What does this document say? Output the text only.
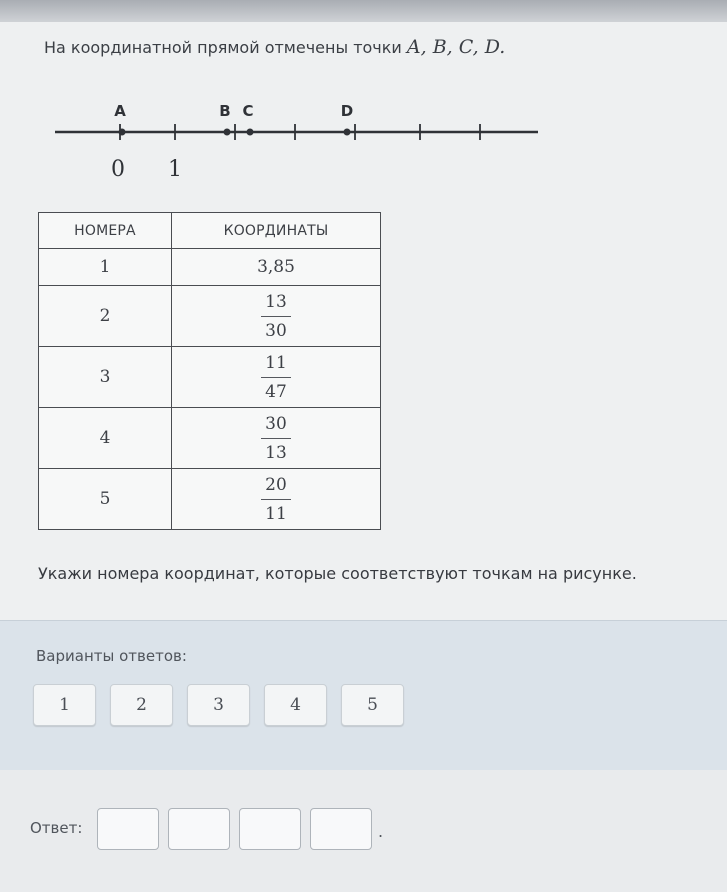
На координатной прямой отмечены точки A, B, C, D.
A	B C	D
0 1
НОМЕРА	КООРДИНАТЫ
1	3,85
2	$\frac{13}{30}$

3	$\frac{11}{47}$

4	$\frac{30}{13}$

5	$\frac{20}{11}$
Укажи номера координат, которые соответствуют точкам на рисунке.
Варианты ответов:
1	2	3	4	5
Ответ:	.
